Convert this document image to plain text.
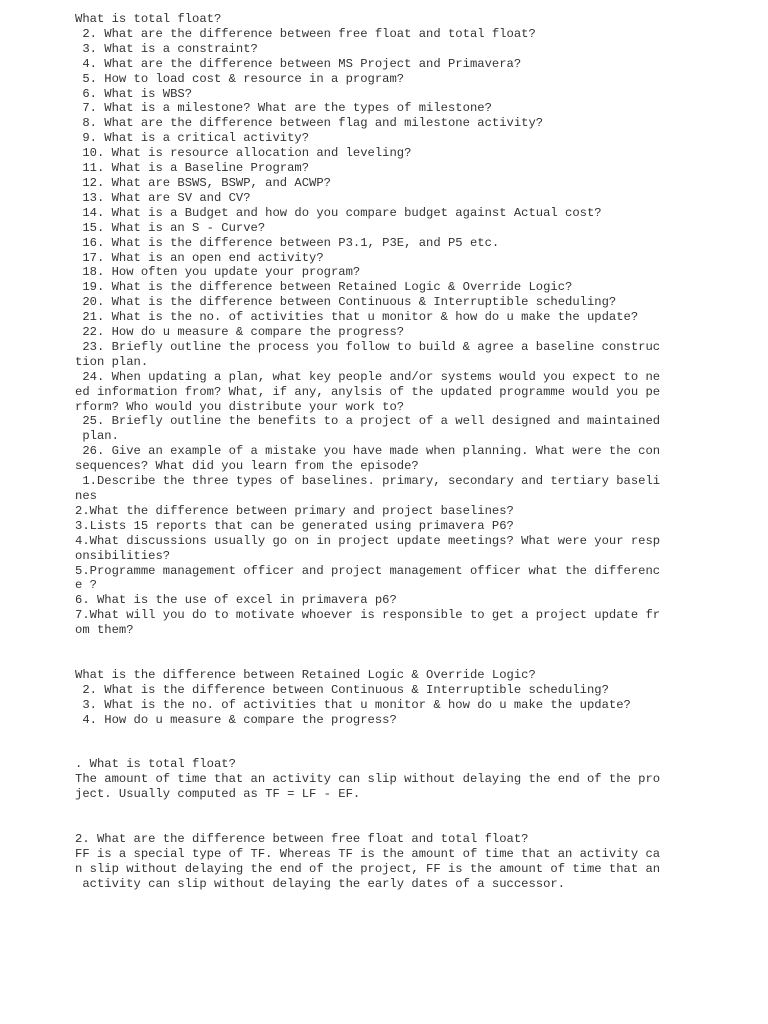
What is total float?
2. What are the difference between free float and total float?
3. What is a constraint?
4. What are the difference between MS Project and Primavera?
5. How to load cost & resource in a program?
6. What is WBS?
7. What is a milestone? What are the types of milestone?
8. What are the difference between flag and milestone activity?
9. What is a critical activity?
10. What is resource allocation and leveling?
11. What is a Baseline Program?
12. What are BSWS, BSWP, and ACWP?
13. What are SV and CV?
14. What is a Budget and how do you compare budget against Actual cost?
15. What is an S - Curve?
16. What is the difference between P3.1, P3E, and P5 etc.
17. What is an open end activity?
18. How often you update your program?
19. What is the difference between Retained Logic & Override Logic?
20. What is the difference between Continuous & Interruptible scheduling?
21. What is the no. of activities that u monitor & how do u make the update?
22. How do u measure & compare the progress?
23. Briefly outline the process you follow to build & agree a baseline construc
tion plan.
24. When updating a plan, what key people and/or systems would you expect to ne
ed information from? What, if any, anylsis of the updated programme would you pe
rform? Who would you distribute your work to?
25. Briefly outline the benefits to a project of a well designed and maintained
plan.
26. Give an example of a mistake you have made when planning. What were the con
sequences? What did you learn from the episode?
1.Describe the three types of baselines. primary, secondary and tertiary baseli
nes
2.What the difference between primary and project baselines?
3.Lists 15 reports that can be generated using primavera P6?
4.What discussions usually go on in project update meetings? What were your resp
onsibilities?
5.Programme management officer and project management officer what the differenc
e ?
6. What is the use of excel in primavera p6?
7.What will you do to motivate whoever is responsible to get a project update fr
om them?
What is the difference between Retained Logic & Override Logic?
2. What is the difference between Continuous & Interruptible scheduling?
3. What is the no. of activities that u monitor & how do u make the update?
4. How do u measure & compare the progress?
. What is total float?
The amount of time that an activity can slip without delaying the end of the pro
ject. Usually computed as TF = LF - EF.
2. What are the difference between free float and total float?
FF is a special type of TF. Whereas TF is the amount of time that an activity ca
n slip without delaying the end of the project, FF is the amount of time that an
activity can slip without delaying the early dates of a successor.
